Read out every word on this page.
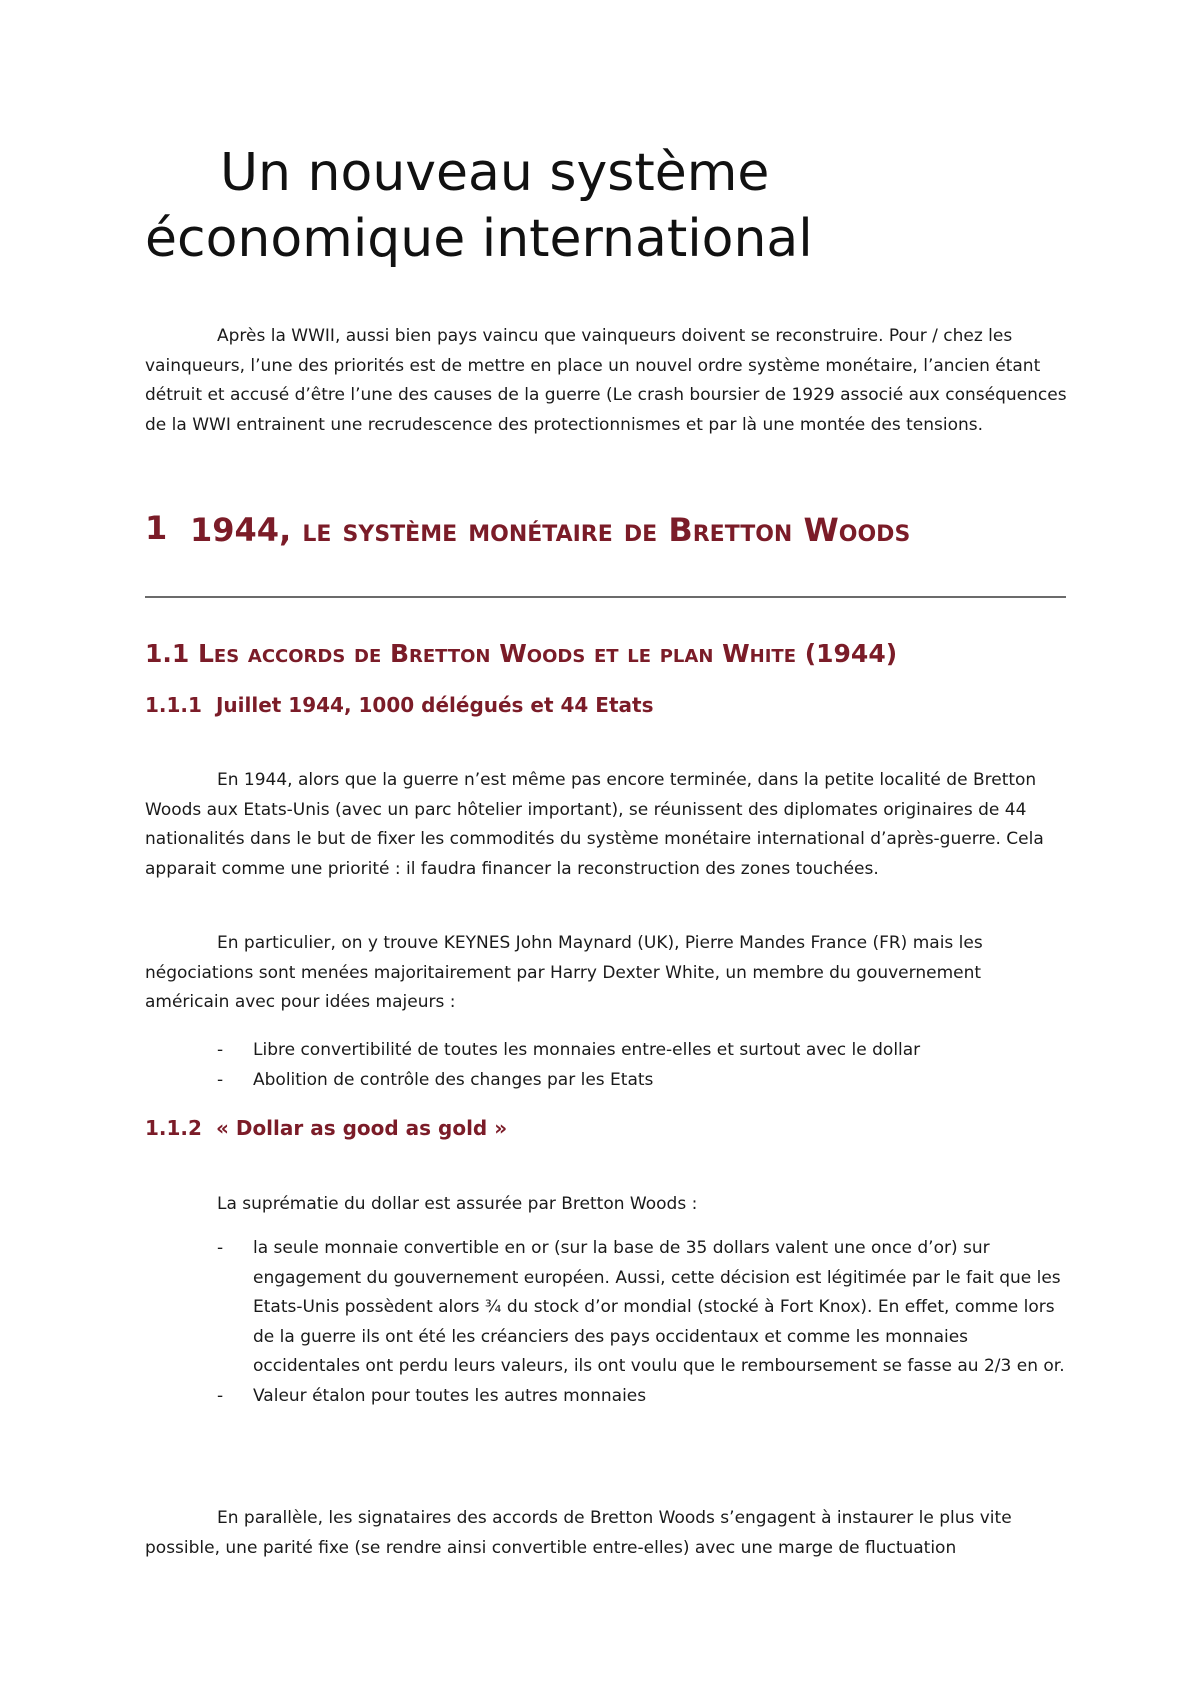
Un nouveau système
économique international

Après la WWII, aussi bien pays vaincu que vainqueurs doivent se reconstruire. Pour / chez les vainqueurs, l’une des priorités est de mettre en place un nouvel ordre système monétaire, l’ancien étant détruit et accusé d’être l’une des causes de la guerre (Le crash boursier de 1929 associé aux conséquences de la WWI entrainent une recrudescence des protectionnismes et par là une montée des tensions.

1 1944, le système monétaire de Bretton Woods
1.1 Les accords de Bretton Woods et le plan White (1944)
1.1.1 Juillet 1944, 1000 délégués et 44 Etats

En 1944, alors que la guerre n’est même pas encore terminée, dans la petite localité de Bretton Woods aux Etats-Unis (avec un parc hôtelier important), se réunissent des diplomates originaires de 44 nationalités dans le but de fixer les commodités du système monétaire international d’après-guerre. Cela apparait comme une priorité : il faudra financer la reconstruction des zones touchées.

En particulier, on y trouve KEYNES John Maynard (UK), Pierre Mandes France (FR) mais les négociations sont menées majoritairement par Harry Dexter White, un membre du gouvernement américain avec pour idées majeurs :

- Libre convertibilité de toutes les monnaies entre-elles et surtout avec le dollar
- Abolition de contrôle des changes par les Etats
1.1.2 « Dollar as good as gold »

La suprématie du dollar est assurée par Bretton Woods :

- la seule monnaie convertible en or (sur la base de 35 dollars valent une once d’or) sur engagement du gouvernement européen. Aussi, cette décision est légitimée par le fait que les Etats-Unis possèdent alors ¾ du stock d’or mondial (stocké à Fort Knox). En effet, comme lors de la guerre ils ont été les créanciers des pays occidentaux et comme les monnaies occidentales ont perdu leurs valeurs, ils ont voulu que le remboursement se fasse au 2/3 en or.
- Valeur étalon pour toutes les autres monnaies

En parallèle, les signataires des accords de Bretton Woods s’engagent à instaurer le plus vite possible, une parité fixe (se rendre ainsi convertible entre-elles) avec une marge de fluctuation
